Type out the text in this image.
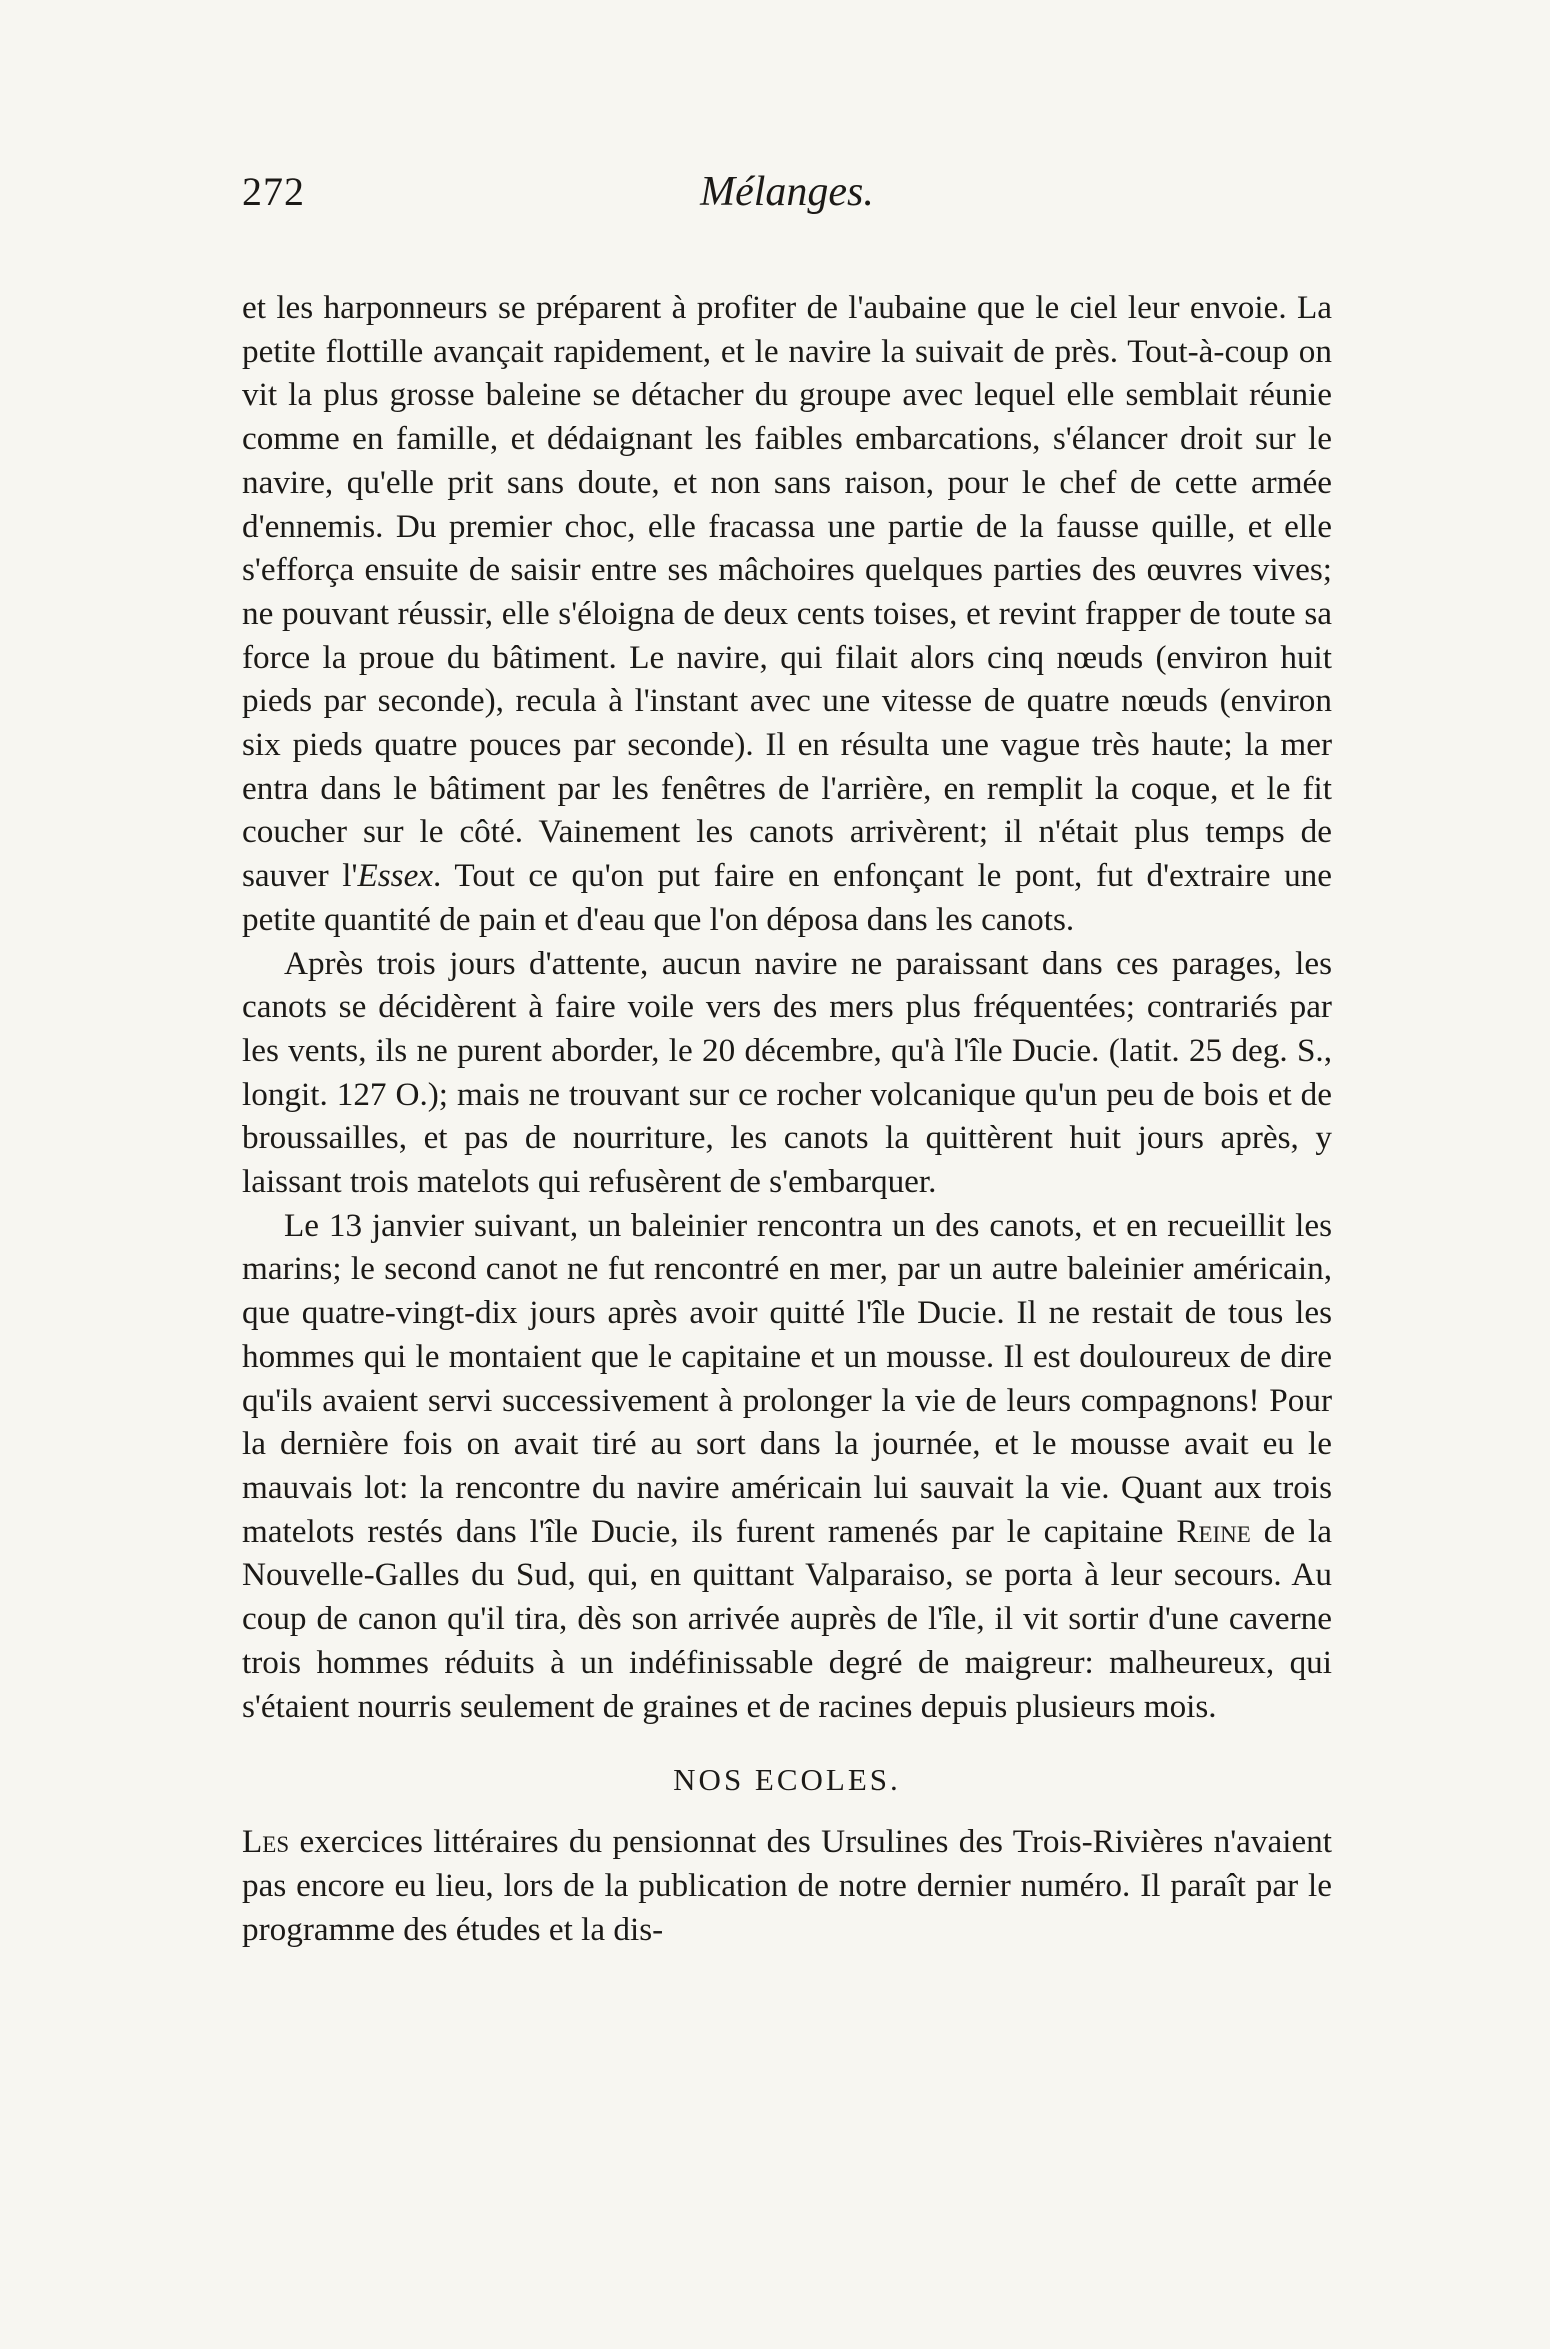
272	Mélanges.

et les harponneurs se préparent à profiter de l'aubaine que le ciel leur envoie. La petite flottille avançait rapidement, et le navire la suivait de près. Tout-à-coup on vit la plus grosse baleine se détacher du groupe avec lequel elle semblait réunie comme en famille, et dédaignant les faibles embarcations, s'élancer droit sur le navire, qu'elle prit sans doute, et non sans raison, pour le chef de cette armée d'ennemis. Du premier choc, elle fracassa une partie de la fausse quille, et elle s'efforça ensuite de saisir entre ses mâchoires quelques parties des œuvres vives; ne pouvant réussir, elle s'éloigna de deux cents toises, et revint frapper de toute sa force la proue du bâtiment. Le navire, qui filait alors cinq nœuds (environ huit pieds par seconde), recula à l'instant avec une vitesse de quatre nœuds (environ six pieds quatre pouces par seconde). Il en résulta une vague très haute; la mer entra dans le bâtiment par les fenêtres de l'arrière, en remplit la coque, et le fit coucher sur le côté. Vainement les canots arrivèrent; il n'était plus temps de sauver l'Essex. Tout ce qu'on put faire en enfonçant le pont, fut d'extraire une petite quantité de pain et d'eau que l'on déposa dans les canots.

Après trois jours d'attente, aucun navire ne paraissant dans ces parages, les canots se décidèrent à faire voile vers des mers plus fréquentées; contrariés par les vents, ils ne purent aborder, le 20 décembre, qu'à l'île Ducie. (latit. 25 deg. S., longit. 127 O.); mais ne trouvant sur ce rocher volcanique qu'un peu de bois et de broussailles, et pas de nourriture, les canots la quittèrent huit jours après, y laissant trois matelots qui refusèrent de s'embarquer.

Le 13 janvier suivant, un baleinier rencontra un des canots, et en recueillit les marins; le second canot ne fut rencontré en mer, par un autre baleinier américain, que quatre-vingt-dix jours après avoir quitté l'île Ducie. Il ne restait de tous les hommes qui le montaient que le capitaine et un mousse. Il est douloureux de dire qu'ils avaient servi successivement à prolonger la vie de leurs compagnons! Pour la dernière fois on avait tiré au sort dans la journée, et le mousse avait eu le mauvais lot: la rencontre du navire américain lui sauvait la vie. Quant aux trois matelots restés dans l'île Ducie, ils furent ramenés par le capitaine Reine de la Nouvelle-Galles du Sud, qui, en quittant Valparaiso, se porta à leur secours. Au coup de canon qu'il tira, dès son arrivée auprès de l'île, il vit sortir d'une caverne trois hommes réduits à un indéfinissable degré de maigreur: malheureux, qui s'étaient nourris seulement de graines et de racines depuis plusieurs mois.

NOS ECOLES.

Les exercices littéraires du pensionnat des Ursulines des Trois-Rivières n'avaient pas encore eu lieu, lors de la publication de notre dernier numéro. Il paraît par le programme des études et la dis-
